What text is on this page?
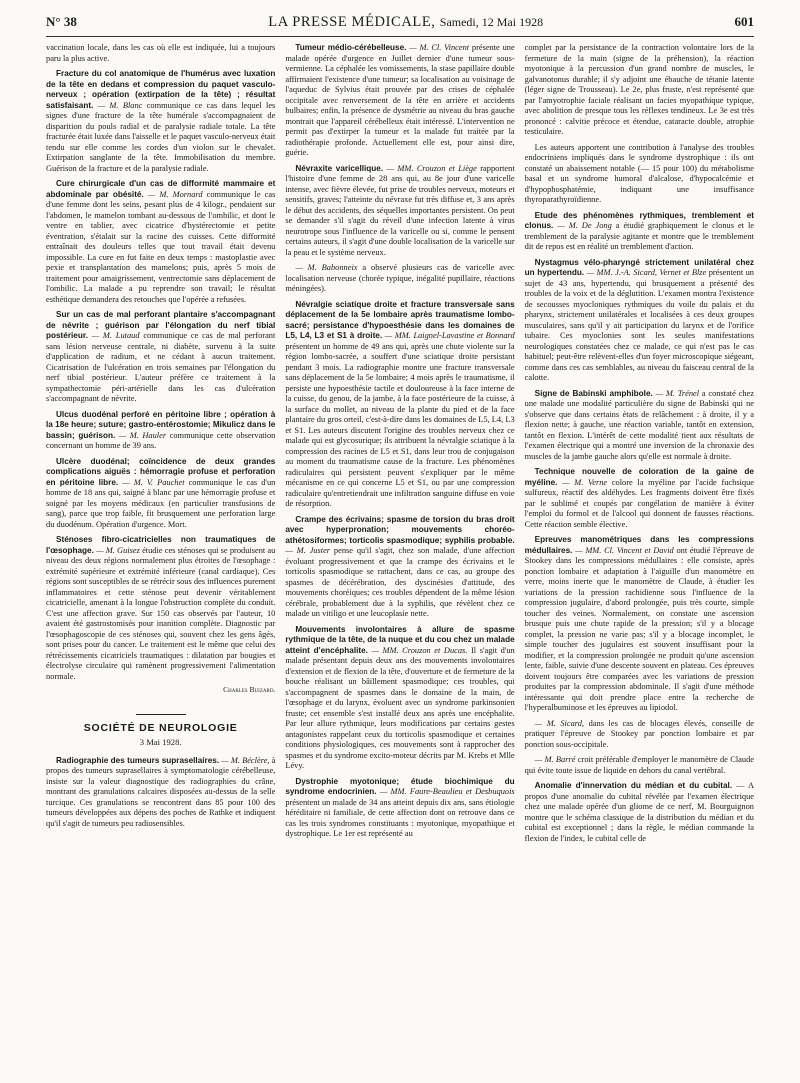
N° 38	LA PRESSE MÉDICALE, Samedi, 12 Mai 1928	601

vaccination locale, dans les cas où elle est indiquée, lui a toujours paru la plus active.

Fracture du col anatomique de l'humérus avec luxation de la tête en dedans et compression du paquet vasculo-nerveux ; opération (extirpation de la tête) ; résultat satisfaisant. — M. Blanc communique ce cas dans lequel les signes d'une fracture de la tête humérale s'accompagnaient de disparition du pouls radial et de paralysie radiale totale. La tête fracturée était luxée dans l'aisselle et le paquet vasculo-nerveux était tendu sur elle comme les cordes d'un violon sur le chevalet. Extirpation sanglante de la tête. Immobilisation du membre. Guérison de la fracture et de la paralysie radiale.

Cure chirurgicale d'un cas de difformité mammaire et abdominale par obésité. — M. Mornard communique le cas d'une femme dont les seins, pesant plus de 4 kilogr., pendaient sur l'abdomen, le mamelon tombant au-dessous de l'ombilic, et dont le ventre en tablier, avec cicatrice d'hystérectomie et petite éventration, s'étalait sur la racine des cuisses. Cette difformité entraînait des douleurs telles que tout travail était devenu impossible. La cure en fut faite en deux temps : mastoplastie avec pexie et transplantation des mamelons; puis, après 5 mois de traitement pour amaigrissement, ventrectomie sans déplacement de l'ombilic. La malade a pu reprendre son travail; le résultat esthétique demandera des retouches que l'opérée a refusées.

Sur un cas de mal perforant plantaire s'accompagnant de névrite ; guérison par l'élongation du nerf tibial postérieur. — M. Lutaud communique ce cas de mal perforant sans lésion nerveuse centrale, ni diabète, survenu à la suite d'application de radium, et ne cédant à aucun traitement. Cicatrisation de l'ulcération en trois semaines par l'élongation du nerf tibial postérieur. L'auteur préfère ce traitement à la sympathectomie péri-artérielle dans les cas d'ulcération s'accompagnant de névrite.

Ulcus duodénal perforé en péritoine libre ; opération à la 18e heure; suture; gastro-entérostomie; Mikulicz dans le bassin; guérison. — M. Hauler communique cette observation concernant un homme de 39 ans.

Ulcère duodénal; coïncidence de deux grandes complications aiguës : hémorragie profuse et perforation en péritoine libre. — M. V. Pauchet communique le cas d'un homme de 18 ans qui, saigné à blanc par une hémorragie profuse et soigné par les moyens médicaux (en particulier transfusions de sang), parce que trop faible, fit brusquement une perforation large du duodénum. Opération d'urgence. Mort.

Sténoses fibro-cicatricielles non traumatiques de l'œsophage. — M. Guisez étudie ces sténoses qui se produisent au niveau des deux régions normalement plus étroites de l'œsophage : extrémité supérieure et extrémité inférieure (canal cardiaque). Ces régions sont susceptibles de se rétrécir sous des influences purement inflammatoires et cette sténose peut devenir véritablement cicatricielle, amenant à la longue l'obstruction complète du conduit. C'est une affection grave. Sur 150 cas observés par l'auteur, 10 avaient été gastrostomisés pour inanition complète. Diagnostic par l'œsophagoscopie de ces sténoses qui, souvent chez les gens âgés, sont prises pour du cancer. Le traitement est le même que celui des rétrécissements cicatriciels traumatiques : dilatation par bougies et électrolyse circulaire qui ramènent progressivement l'alimentation normale.

Charles Buizard.
SOCIÉTÉ DE NEUROLOGIE
3 Mai 1928.

Radiographie des tumeurs suprasellaires. — M. Béclère, à propos des tumeurs suprasellaires à symptomatologie cérébelleuse, insiste sur la valeur diagnostique des radiographies du crâne, montrant des granulations calcaires disposées au-dessus de la selle turcique. Ces granulations se rencontrent dans 85 pour 100 des tumeurs développées aux dépens des poches de Rathke et indiquent qu'il s'agit de tumeurs peu radiosensibles.

Tumeur médio-cérébelleuse. — M. Cl. Vincent présente une malade opérée d'urgence en Juillet dernier d'une tumeur sous-vermienne. La céphalée les vomissements, la stase papillaire double affirmaient l'existence d'une tumeur; sa localisation au voisinage de l'aqueduc de Sylvius était prouvée par des crises de céphalée occipitale avec renversement de la tête en arrière et accidents bulbaires; enfin, la présence de dysmétrie au niveau du bras gauche montrait que l'appareil cérébelleux était intéressé. L'intervention ne permit pas d'extirper la tumeur et la malade fut traitée par la radiothérapie profonde. Actuellement elle est, pour ainsi dire, guérie.

Névraxite varicellique. — MM. Crouzon et Liège rapportent l'histoire d'une femme de 28 ans qui, au 8e jour d'une varicelle intense, avec fièvre élevée, fut prise de troubles nerveux, moteurs et sensitifs, graves; l'atteinte du névraxe fut très diffuse et, 3 ans après le début des accidents, des séquelles importantes persistent. On peut se demander s'il s'agit du réveil d'une infection latente à virus neurotrope sous l'influence de la varicelle ou si, comme le pensent certains auteurs, il s'agit d'une double localisation de la varicelle sur la peau et le système nerveux.

— M. Babonneix a observé plusieurs cas de varicelle avec localisation nerveuse (chorée typique, inégalité pupillaire, réactions méningées).

Névralgie sciatique droite et fracture transversale sans déplacement de la 5e lombaire après traumatisme lombo-sacré; persistance d'hypoesthésie dans les domaines de L5, L4, L3 et S1 à droite. — MM. Laignel-Lavastine et Bonnard présentent un homme de 49 ans qui, après une chute violente sur la région lombo-sacrée, a souffert d'une sciatique droite persistant pendant 3 mois. La radiographie montre une fracture transversale sans déplacement de la 5e lombaire; 4 mois après le traumatisme, il persiste une hypoesthésie tactile et douloureuse à la face interne de la cuisse, du genou, de la jambe, à la face postérieure de la cuisse, à la surface du mollet, au niveau de la plante du pied et de la face plantaire du gros orteil, c'est-à-dire dans les domaines de L5, L4, L3 et S1. Les auteurs discutent l'origine des troubles nerveux chez ce malade qui est glycosurique; ils attribuent la névralgie sciatique à la compression des racines de L5 et S1, dans leur trou de conjugaison au moment du traumatisme cause de la fracture. Les phénomènes radiculaires qui persistent peuvent s'expliquer par le même mécanisme en ce qui concerne L5 et S1, ou par une compression radiculaire qu'entretiendrait une infiltration sanguine diffuse en voie de résorption.

Crampe des écrivains; spasme de torsion du bras droit avec hyperpronation; mouvements choréo-athétosiformes; torticolis spasmodique; syphilis probable. — M. Juster pense qu'il s'agit, chez son malade, d'une affection évoluant progressivement et que la crampe des écrivains et le torticolis spasmodique se rattachent, dans ce cas, au groupe des spasmes de décérébration, des dyscinésies d'attitude, des mouvements choréiques; ces troubles dépendent de la même lésion cérébrale, probablement due à la syphilis, que révèlent chez ce malade un vitiligo et une leucoplasie nette.

Mouvements involontaires à allure de spasme rythmique de la tête, de la nuque et du cou chez un malade atteint d'encéphalite. — MM. Crouzon et Ducas. Il s'agit d'un malade présentant depuis deux ans des mouvements involontaires d'extension et de flexion de la tête, d'ouverture et de fermeture de la bouche réalisant un bâillement spasmodique; ces troubles, qui s'accompagnent de spasmes dans le domaine de la main, de l'œsophage et du larynx, évoluent avec un syndrome parkinsonien fruste; cet ensemble s'est installé deux ans après une encéphalite. Par leur allure rythmique, leurs modifications par certains gestes antagonistes rappelant ceux du torticolis spasmodique et certaines conditions physiologiques, ces mouvements sont à rapprocher des spasmes et du syndrome excito-moteur décrits par M. Krebs et Mlle Lévy.

Dystrophie myotonique; étude biochimique du syndrome endocrinien. — MM. Faure-Beaulieu et Desbuquois présentent un malade de 34 ans atteint depuis dix ans, sans étiologie héréditaire ni familiale, de cette affection dont on retrouve dans ce cas les trois syndromes constituants : myotonique, myopathique et dystrophique. Le 1er est représenté au

complet par la persistance de la contraction volontaire lors de la fermeture de la main (signe de la préhension), la réaction myotonique à la percussion d'un grand nombre de muscles, le galvanotonus durable; il s'y adjoint une ébauche de tétanie latente (léger signe de Trousseau). Le 2e, plus fruste, n'est représenté que par l'amyotrophie faciale réalisant un facies myopathique typique, avec abolition de presque tous les réflexes tendineux. Le 3e est très prononcé : calvitie précoce et étendue, cataracte double, atrophie testiculaire.

Les auteurs apportent une contribution à l'analyse des troubles endocriniens impliqués dans le syndrome dystrophique : ils ont constaté un abaissement notable (— 15 pour 100) du métabolisme basal et un syndrome humoral d'alcalose, d'hypocalcémie et d'hypophosphatémie, indiquant une insuffisance thyroparathyroïdienne.

Etude des phénomènes rythmiques, tremblement et clonus. — M. De Jong a étudié graphiquement le clonus et le tremblement de la paralysie agitante et montre que le tremblement dit de repos est en réalité un tremblement d'action.

Nystagmus vélo-pharyngé strictement unilatéral chez un hypertendu. — MM. J.-A. Sicard, Vernet et Blze présentent un sujet de 43 ans, hypertendu, qui brusquement a présenté des troubles de la voix et de la déglutition. L'examen montra l'existence de secousses myocloniques rythmiques du voile du palais et du pharynx, strictement unilatérales et localisées à ces deux groupes musculaires, sans qu'il y ait participation du larynx et de l'orifice tubaire. Ces myoclonies sont les seules manifestations neurologiques constatées chez ce malade, ce qui n'est pas le cas habituel; peut-être relèvent-elles d'un foyer microscopique siégeant, comme dans ces cas semblables, au niveau du faisceau central de la calotte.

Signe de Babinski amphibole. — M. Trénel a constaté chez une malade une modalité particulière du signe de Babinski qui ne s'observe que dans certains états de relâchement : à droite, il y a flexion nette; à gauche, une réaction variable, tantôt en extension, tantôt en flexion. L'intérêt de cette modalité tient aux résultats de l'examen électrique qui a montré une inversion de la chronaxie des muscles de la jambe gauche alors qu'elle est normale à droite.

Technique nouvelle de coloration de la gaine de myéline. — M. Verne colore la myéline par l'acide fuchsique sulfureux, réactif des aldéhydes. Les fragments doivent être fixés par le sublimé et coupés par congélation de manière à éviter l'emploi du formol et de l'alcool qui donnent de fausses réactions. Cette réaction semble élective.

Epreuves manométriques dans les compressions médullaires. — MM. Cl. Vincent et David ont étudié l'épreuve de Stookey dans les compressions médullaires : elle consiste, après ponction lombaire et adaptation à l'aiguille d'un manomètre en verre, moins inerte que le manomètre de Claude, à étudier les variations de la pression rachidienne sous l'influence de la compression jugulaire, d'abord prolongée, puis très courte, simple toucher des veines. Normalement, on constate une ascension brusque puis une chute rapide de la pression; s'il y a blocage complet, la pression ne varie pas; s'il y a blocage incomplet, le simple toucher des jugulaires est souvent insuffisant pour la modifier, et la compression prolongée ne produit qu'une ascension lente, faible, suivie d'une descente souvent en plateau. Ces épreuves doivent toujours être comparées avec les variations de pression produites par la compression abdominale. Il s'agit d'une méthode intéressante qui doit prendre place entre la recherche de l'hyperalbuminose et les épreuves au lipiodol.

— M. Sicard, dans les cas de blocages élevés, conseille de pratiquer l'épreuve de Stookey par ponction lombaire et par ponction sous-occipitale.

— M. Barré croit préférable d'employer le manomètre de Claude qui évite toute issue de liquide en dehors du canal vertébral.

Anomalie d'innervation du médian et du cubital. — A propos d'une anomalie du cubital révélée par l'examen électrique chez une malade opérée d'un gliome de ce nerf, M. Bourguignon montre que le schéma classique de la distribution du médian et du cubital est exceptionnel ; dans la règle, le médian commande la flexion de l'index, le cubital celle de
